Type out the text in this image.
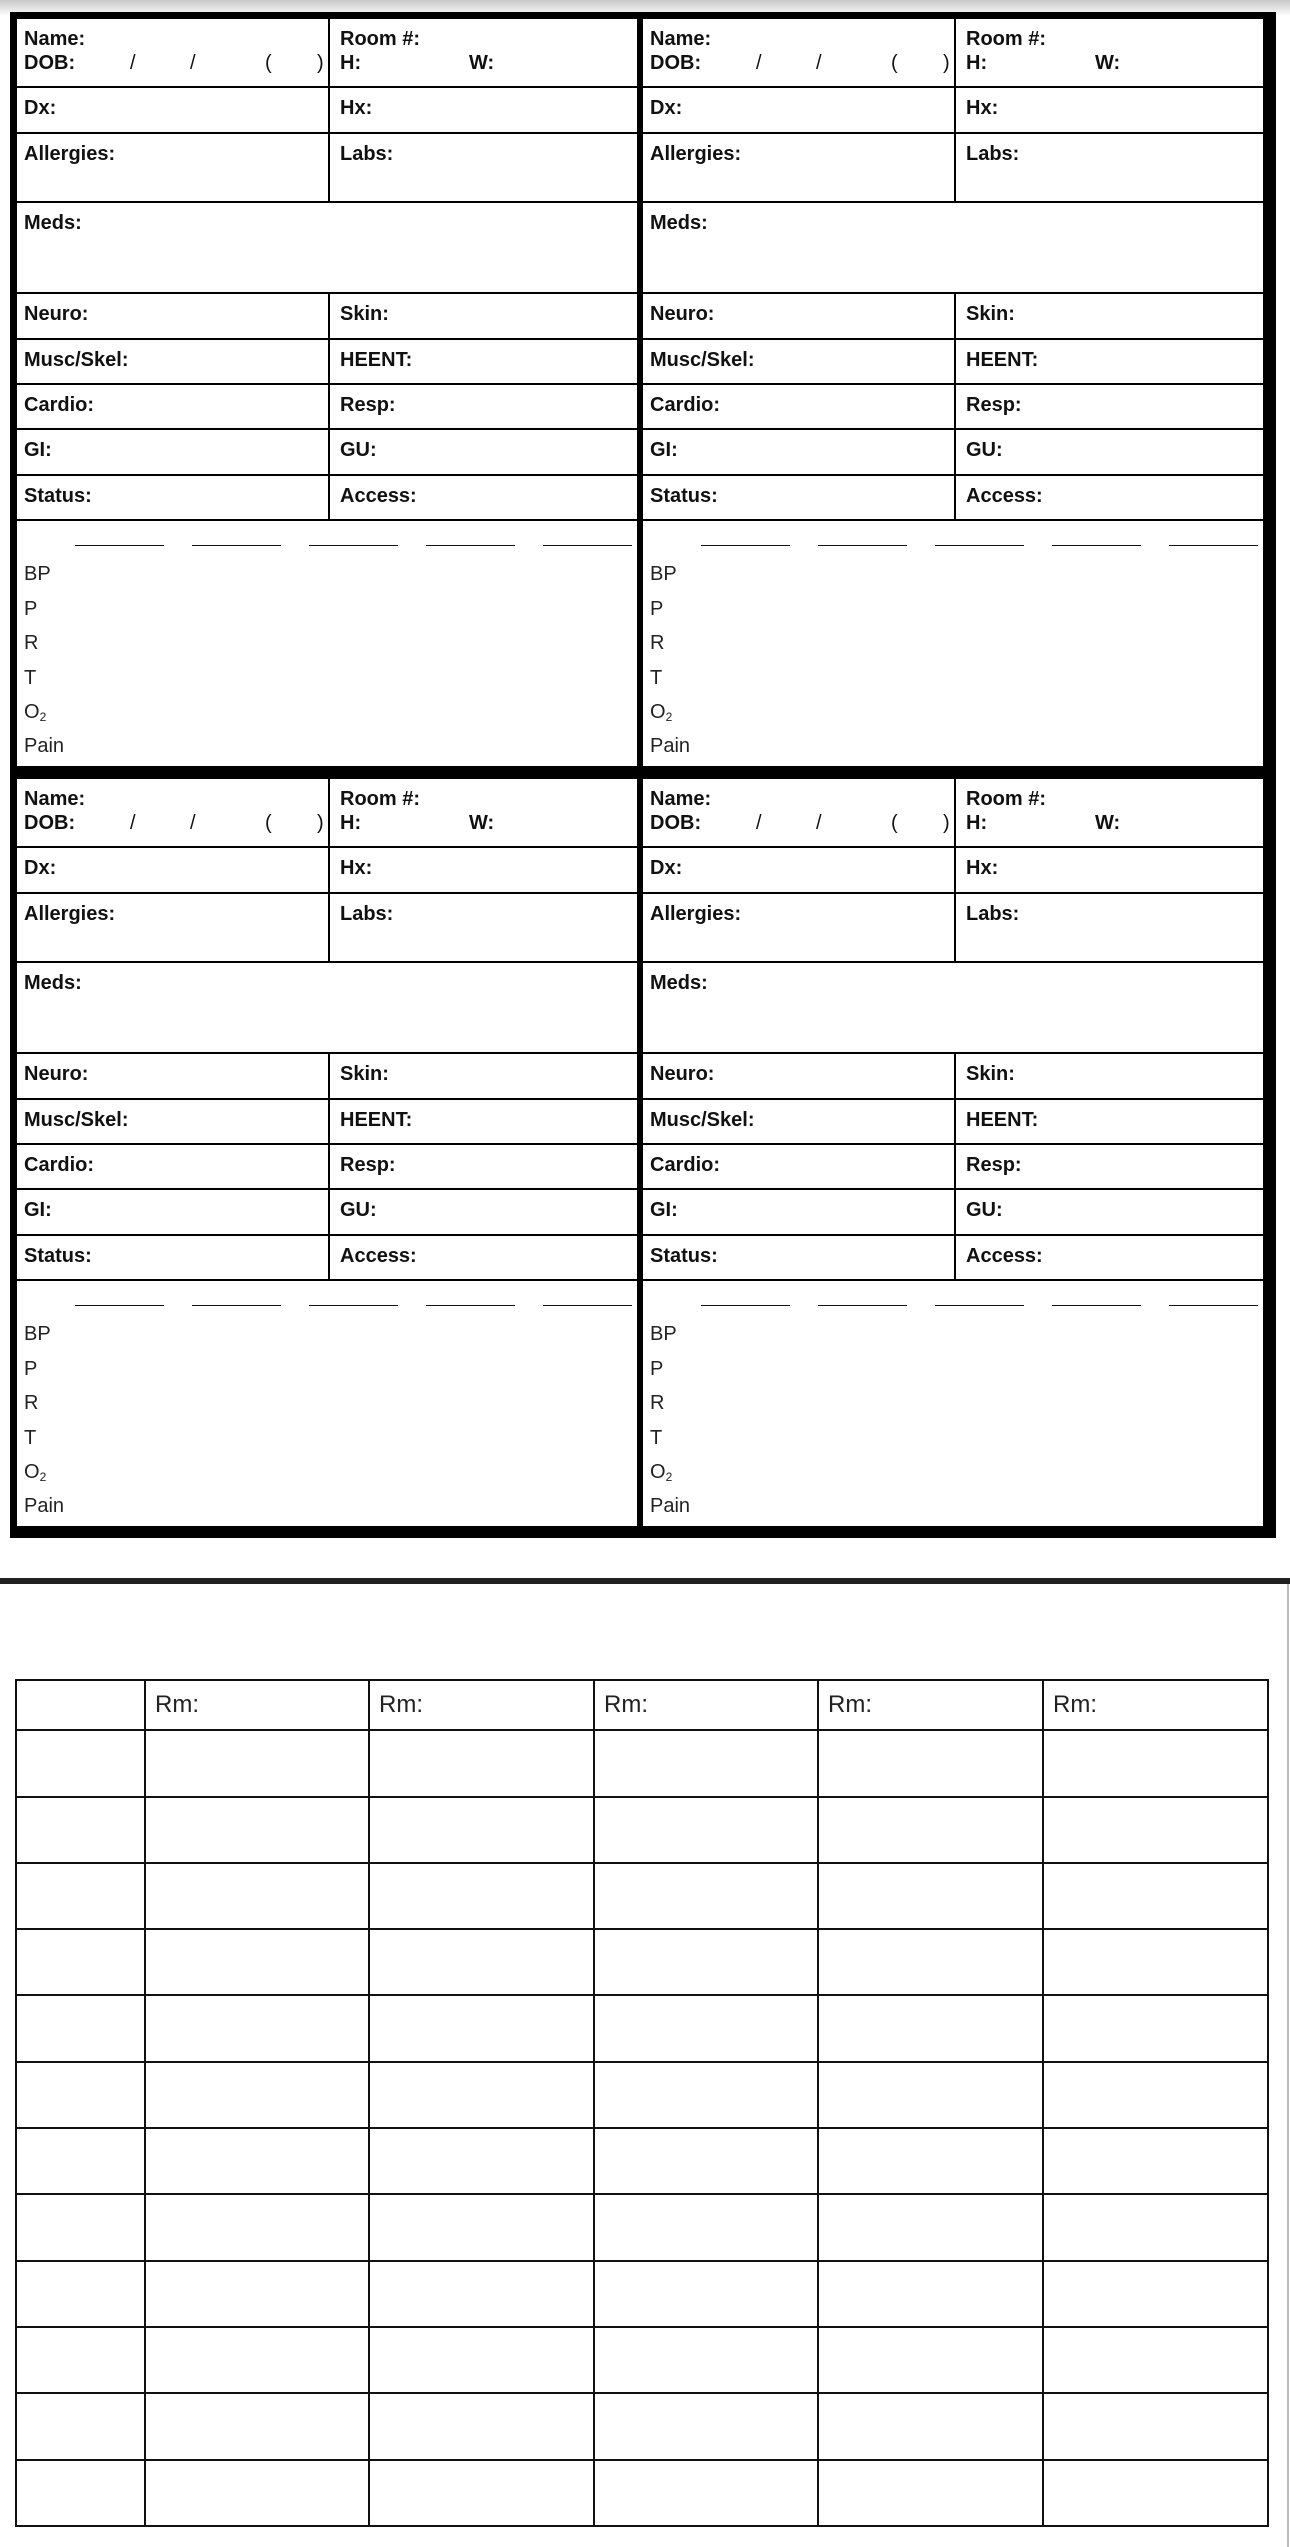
Name:
DOB:	/	/	( )
Room #:
H:	W:
Dx:	Hx:
Allergies:	Labs:
Meds:
Neuro:	Skin:
Musc/Skel:	HEENT:
Cardio:	Resp:
GI:	GU:
Status:	Access:
BP
P
R
T
$O_2$
Pain
Name:
DOB:	/	/	( )
Room #:
H:	W:
Dx:	Hx:
Allergies:	Labs:
Meds:
Neuro:	Skin:
Musc/Skel:	HEENT:
Cardio:	Resp:
GI:	GU:
Status:	Access:
BP
P
R
T
$O_2$
Pain
Name:
DOB:	/	/	( )
Room #:
H:	W:
Dx:	Hx:
Allergies:	Labs:
Meds:
Neuro:	Skin:
Musc/Skel:	HEENT:
Cardio:	Resp:
GI:	GU:
Status:	Access:
BP
P
R
T
$O_2$
Pain
Name:
DOB:	/	/	( )
Room #:
H:	W:
Dx:	Hx:
Allergies:	Labs:
Meds:
Neuro:	Skin:
Musc/Skel:	HEENT:
Cardio:	Resp:
GI:	GU:
Status:	Access:
BP
P
R
T
$O_2$
Pain
	Rm:	Rm:	Rm:	Rm:	Rm:
